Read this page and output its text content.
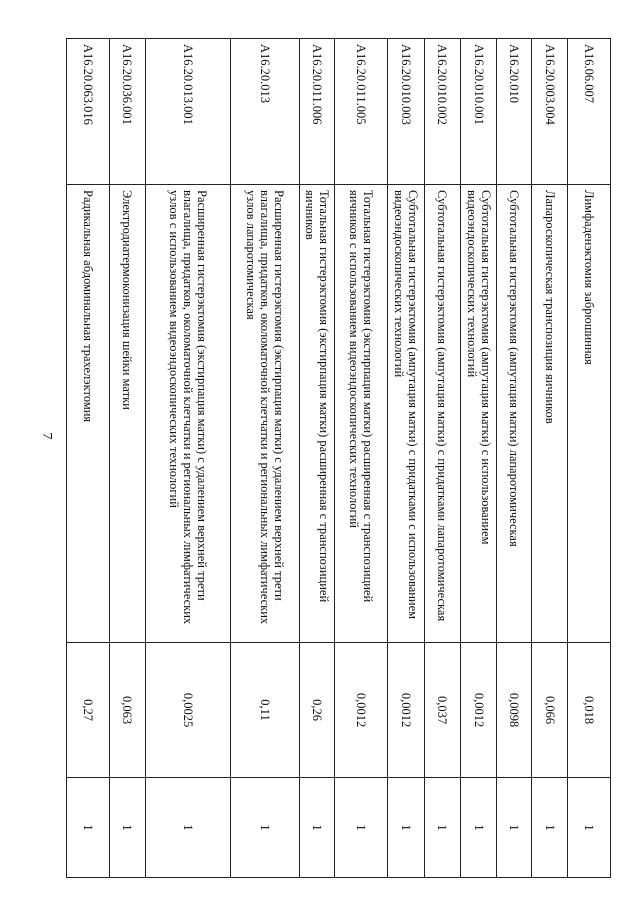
7
A16.06.007	Лимфаденэктомия забрюшинная	0,018	1
A16.20.003.004	Лапароскопическая транспозиция яичников	0,066	1
A16.20.010	Субтотальная гистерэктомия (ампутация матки) лапаротомическая	0,0098	1
A16.20.010.001	Субтотальная гистерэктомия (ампутация матки) с использованием видеоэндоскопических технологий	0,0012	1
A16.20.010.002	Субтотальная гистерэктомия (ампутация матки) с придатками лапаротомическая	0,037	1
A16.20.010.003	Субтотальная гистерэктомия (ампутация матки) с придатками с использованием видеоэндоскопических технологий	0,0012	1
A16.20.011.005	Тотальная гистерэктомия (экстирпация матки) расширенная с транспозицией яичников с использованием видеоэндоскопических технологий	0,0012	1
A16.20.011.006	Тотальная гистерэктомия (экстирпация матки) расширенная с транспозицией яичников	0,26	1
A16.20.013	Расширенная гистерэктомия (экстирпация матки) с удалением верхней трети влагалища, придатков, околоматочной клетчатки и региональных лимфатических узлов лапаротомическая	0,11	1
A16.20.013.001	Расширенная гистерэктомия (экстирпация матки) с удалением верхней трети влагалища, придатков, околоматочной клетчатки и региональных лимфатических узлов с использованием видеоэндоскопических технологий	0,0025	1
A16.20.036.001	Электродиатермоконизация шейки матки	0,063	1
A16.20.063.016	Радикальная абдоминальная трахелэктомия	0,27	1
